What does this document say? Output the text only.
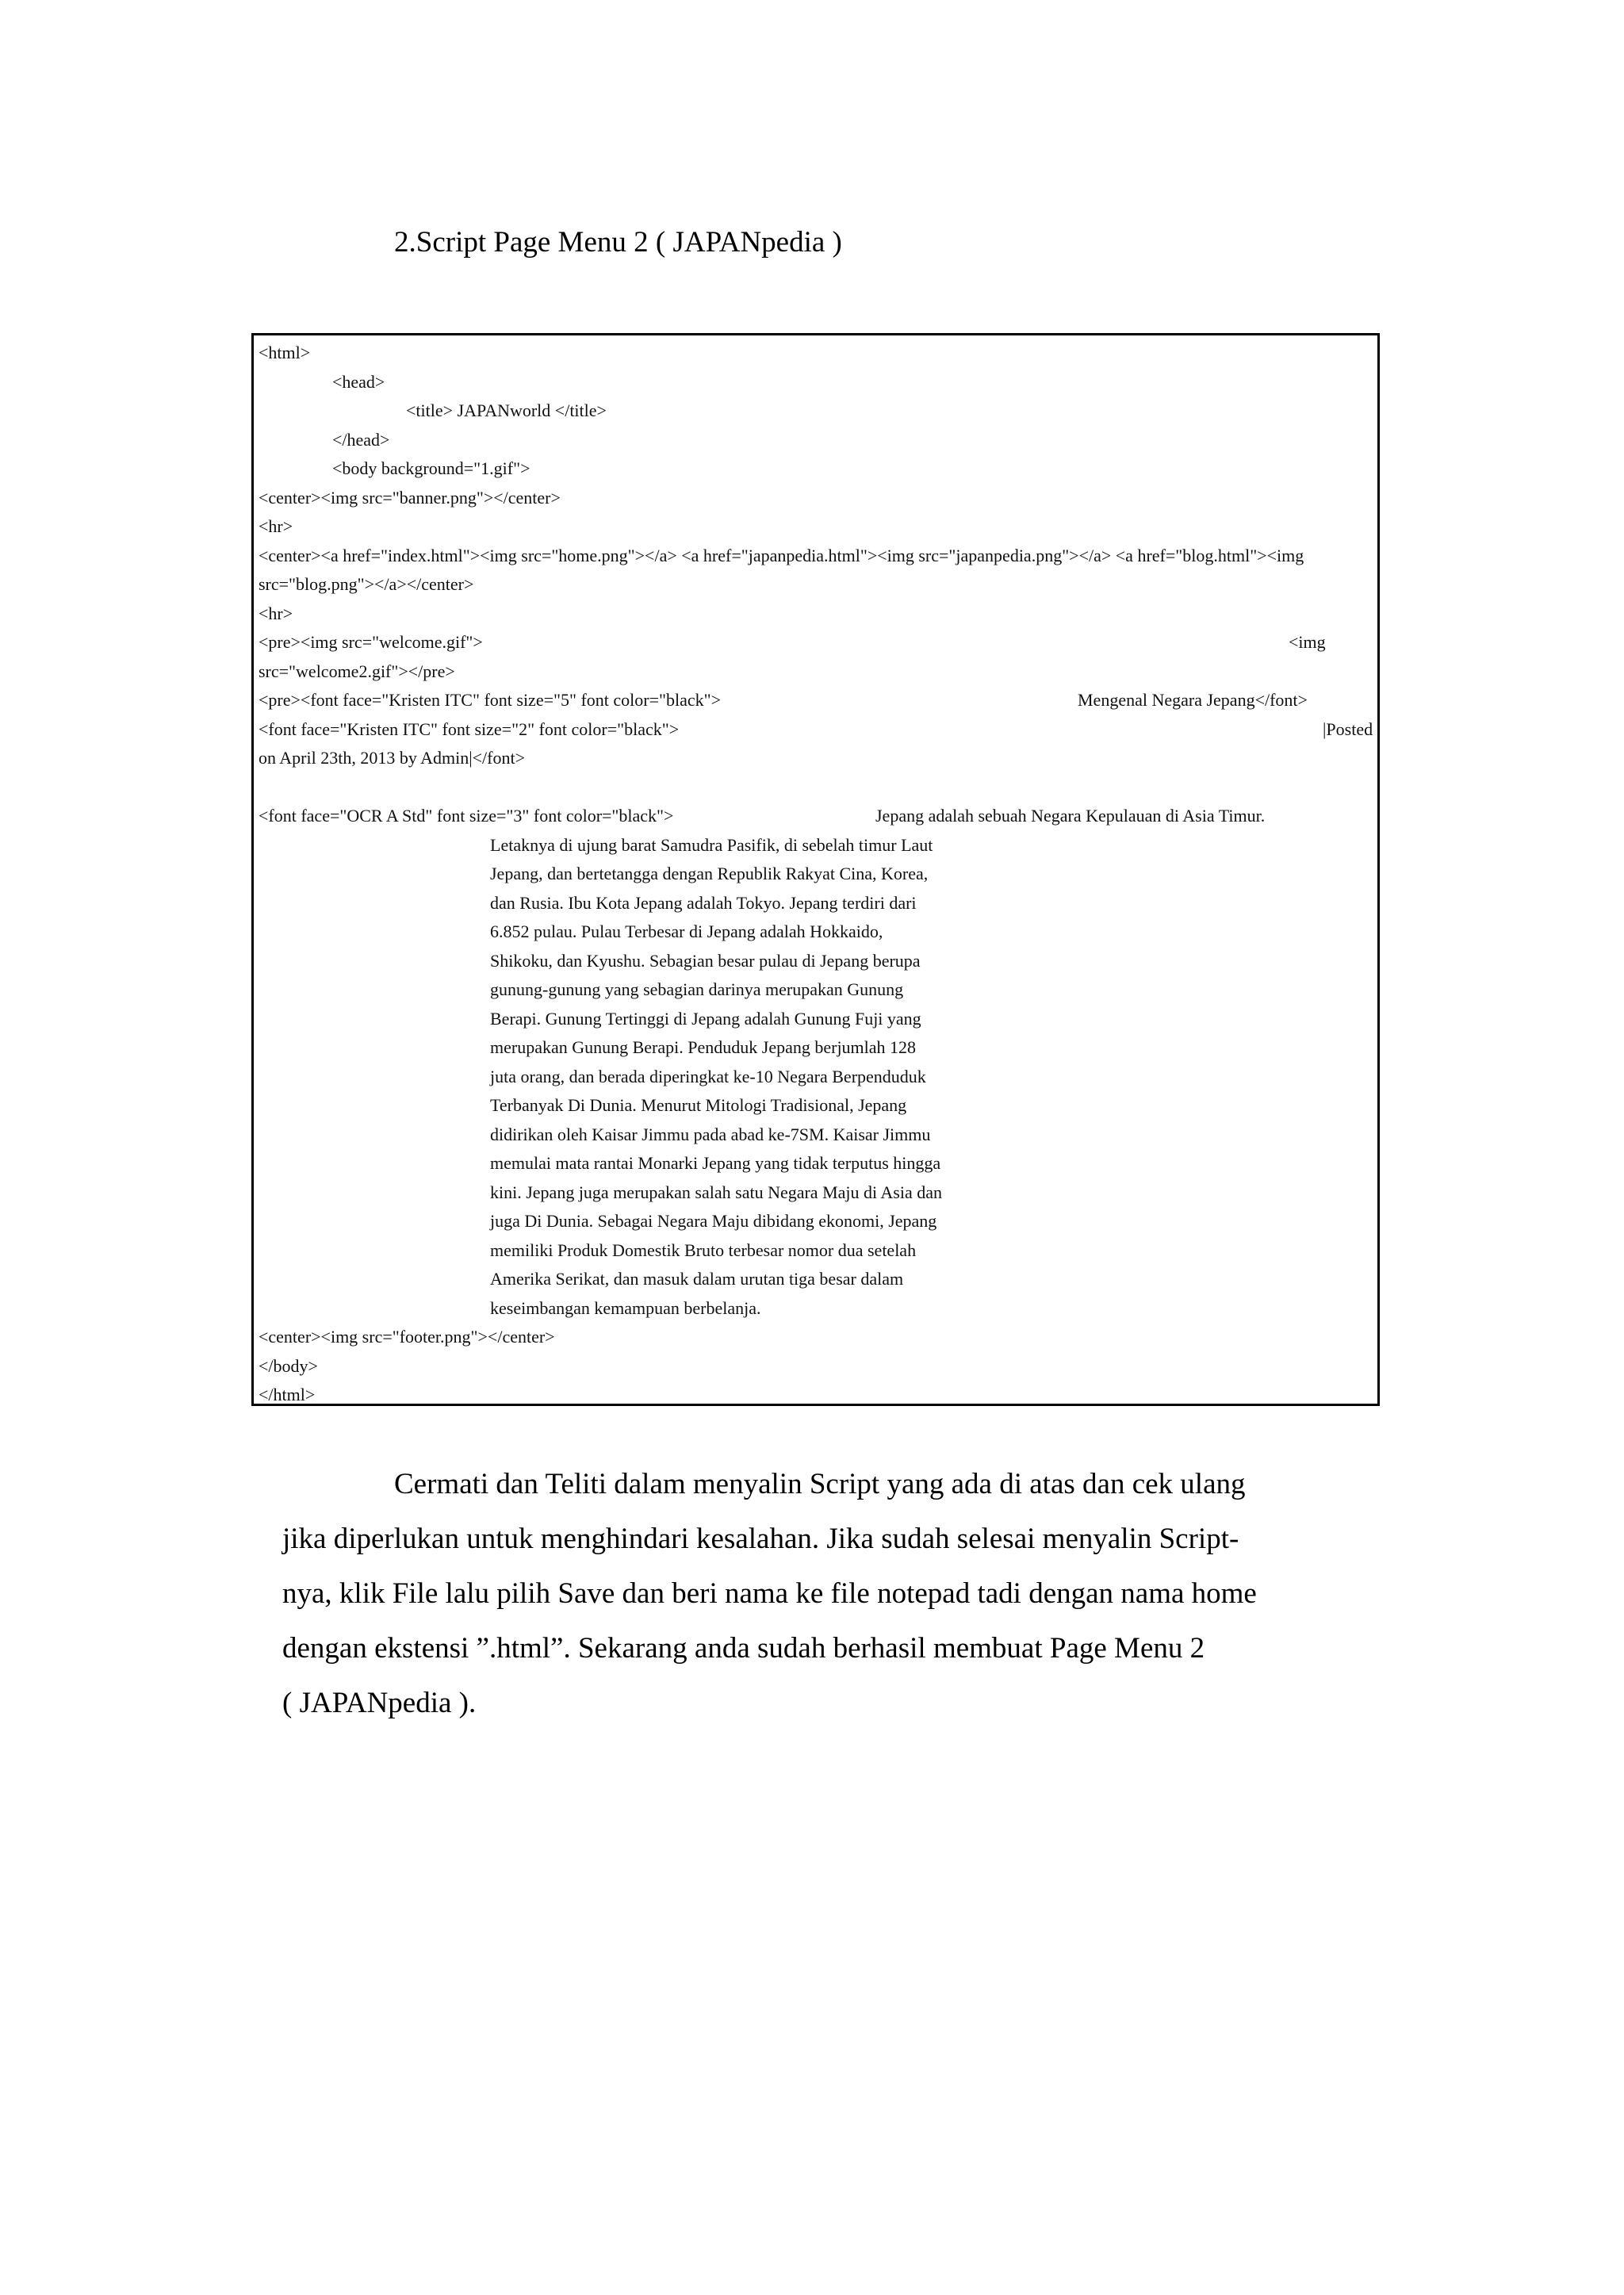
2.Script Page Menu 2 ( JAPANpedia )
<html>
<head>
<title> JAPANworld </title>
</head>
<body background="1.gif">
<center><img src="banner.png"></center>
<hr>
<center><a href="index.html"><img src="home.png"></a> <a href="japanpedia.html"><img src="japanpedia.png"></a> <a href="blog.html"><img
src="blog.png"></a></center>
<hr>
<pre><img src="welcome.gif">	<img
src="welcome2.gif"></pre>
<pre><font face="Kristen ITC" font size="5" font color="black">	Mengenal Negara Jepang</font>
<font face="Kristen ITC" font size="2" font color="black">	|Posted
on April 23th, 2013 by Admin|</font>
<font face="OCR A Std" font size="3" font color="black">	Jepang adalah sebuah Negara Kepulauan di Asia Timur.
Letaknya di ujung barat Samudra Pasifik, di sebelah timur Laut
Jepang, dan bertetangga dengan Republik Rakyat Cina, Korea,
dan Rusia. Ibu Kota Jepang adalah Tokyo. Jepang terdiri dari
6.852 pulau. Pulau Terbesar di Jepang adalah Hokkaido,
Shikoku, dan Kyushu. Sebagian besar pulau di Jepang berupa
gunung-gunung yang sebagian darinya merupakan Gunung
Berapi. Gunung Tertinggi di Jepang adalah Gunung Fuji yang
merupakan Gunung Berapi. Penduduk Jepang berjumlah 128
juta orang, dan berada diperingkat ke-10 Negara Berpenduduk
Terbanyak Di Dunia. Menurut Mitologi Tradisional, Jepang
didirikan oleh Kaisar Jimmu pada abad ke-7SM. Kaisar Jimmu
memulai mata rantai Monarki Jepang yang tidak terputus hingga
kini. Jepang juga merupakan salah satu Negara Maju di Asia dan
juga Di Dunia. Sebagai Negara Maju dibidang ekonomi, Jepang
memiliki Produk Domestik Bruto terbesar nomor dua setelah
Amerika Serikat, dan masuk dalam urutan tiga besar dalam
keseimbangan kemampuan berbelanja.
<center><img src="footer.png"></center>
</body>
</html>
Cermati dan Teliti dalam menyalin Script yang ada di atas dan cek ulang
jika diperlukan untuk menghindari kesalahan. Jika sudah selesai menyalin Script-
nya, klik File lalu pilih Save dan beri nama ke file notepad tadi dengan nama home
dengan ekstensi ”.html”. Sekarang anda sudah berhasil membuat Page Menu 2
( JAPANpedia ).
